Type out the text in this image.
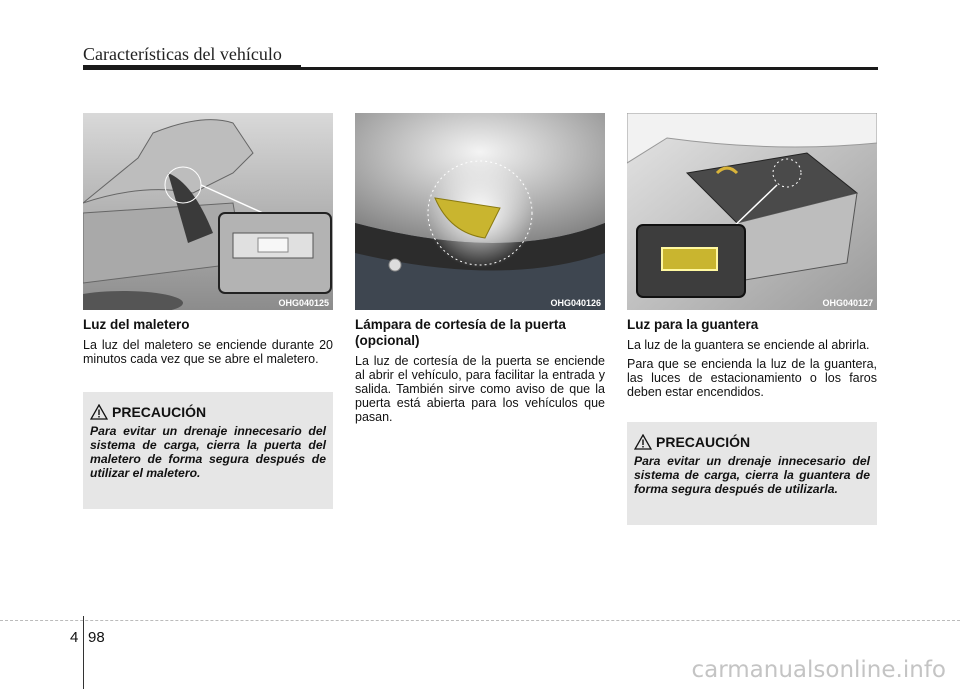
Características del vehículo
OHG040125	OHG040126	OHG040127
Luz del maletero
La luz del maletero se enciende durante 20 minutos cada vez que se abre el maletero.
Lámpara de cortesía de la puerta (opcional)
La luz de cortesía de la puerta se enciende al abrir el vehículo, para facilitar la entrada y salida. También sirve como aviso de que la puerta está abierta para los vehículos que pasan.
Luz para la guantera
La luz de la guantera se enciende al abrirla.
Para que se encienda la luz de la guantera, las luces de estacionamiento o los faros deben estar encendidos.
PRECAUCIÓN
Para evitar un drenaje innecesario del sistema de carga, cierra la puerta del maletero de forma segura después de utilizar el maletero.
PRECAUCIÓN
Para evitar un drenaje innecesario del sistema de carga, cierra la guantera de forma segura después de utilizarla.
4 98
carmanualsonline.info
